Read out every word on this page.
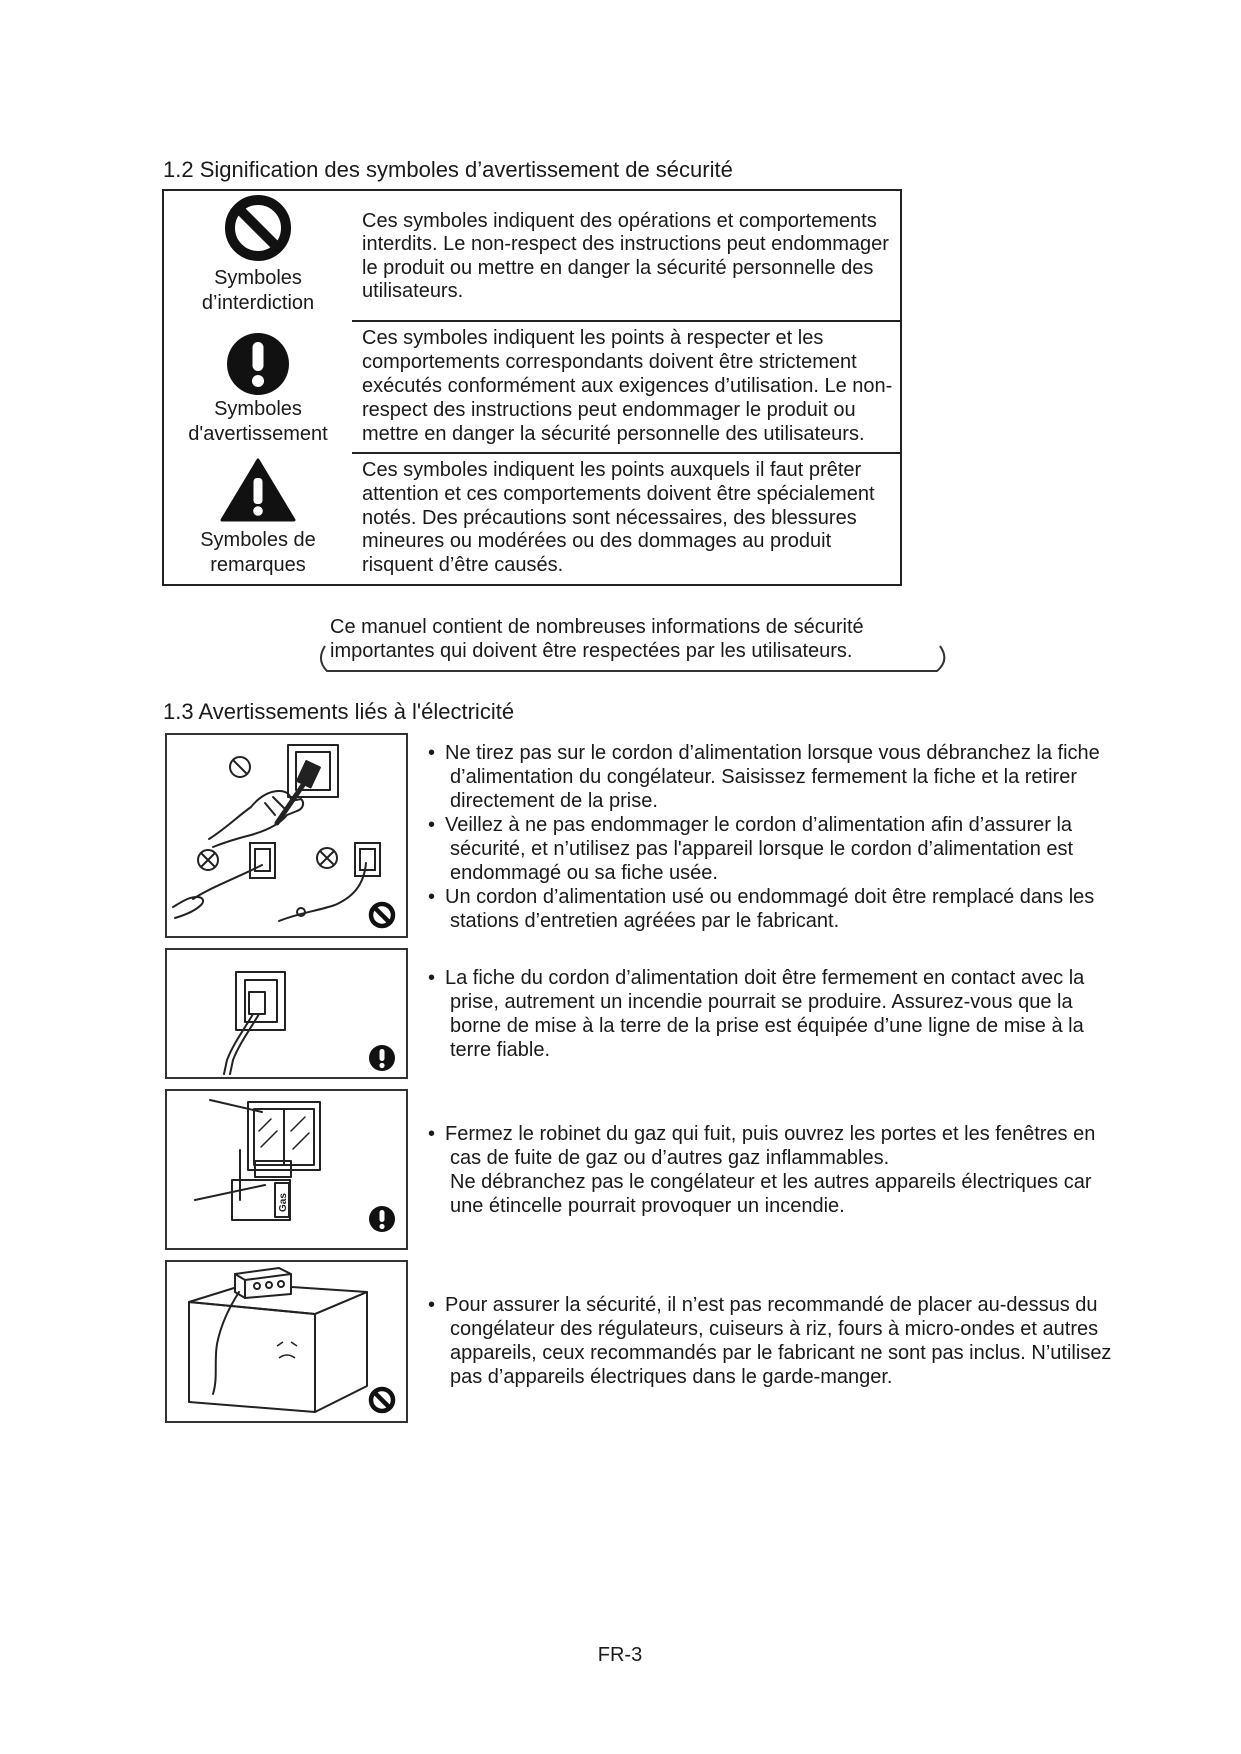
1.2 Signification des symboles d’avertissement de sécurité
Symboles
d’interdiction
Ces symboles indiquent des opérations et comportements
interdits. Le non-respect des instructions peut endommager
le produit ou mettre en danger la sécurité personnelle des
utilisateurs.
Symboles
d'avertissement
Ces symboles indiquent les points à respecter et les
comportements correspondants doivent être strictement
exécutés conformément aux exigences d’utilisation. Le non-
respect des instructions peut endommager le produit ou
mettre en danger la sécurité personnelle des utilisateurs.
Symboles de
remarques
Ces symboles indiquent les points auxquels il faut prêter
attention et ces comportements doivent être spécialement
notés. Des précautions sont nécessaires, des blessures
mineures ou modérées ou des dommages au produit
risquent d’être causés.
Ce manuel contient de nombreuses informations de sécurité
importantes qui doivent être respectées par les utilisateurs.
1.3 Avertissements liés à l'électricité
• Ne tirez pas sur le cordon d’alimentation lorsque vous débranchez la fiche
d’alimentation du congélateur. Saisissez fermement la fiche et la retirer
directement de la prise.
• Veillez à ne pas endommager le cordon d’alimentation afin d’assurer la
sécurité, et n’utilisez pas l'appareil lorsque le cordon d’alimentation est
endommagé ou sa fiche usée.
• Un cordon d’alimentation usé ou endommagé doit être remplacé dans les
stations d’entretien agréées par le fabricant.
• La fiche du cordon d’alimentation doit être fermement en contact avec la
prise, autrement un incendie pourrait se produire. Assurez-vous que la
borne de mise à la terre de la prise est équipée d’une ligne de mise à la
terre fiable.
Gas
• Fermez le robinet du gaz qui fuit, puis ouvrez les portes et les fenêtres en
cas de fuite de gaz ou d’autres gaz inflammables.
Ne débranchez pas le congélateur et les autres appareils électriques car
une étincelle pourrait provoquer un incendie.
• Pour assurer la sécurité, il n’est pas recommandé de placer au-dessus du
congélateur des régulateurs, cuiseurs à riz, fours à micro-ondes et autres
appareils, ceux recommandés par le fabricant ne sont pas inclus. N’utilisez
pas d’appareils électriques dans le garde-manger.
FR-3
